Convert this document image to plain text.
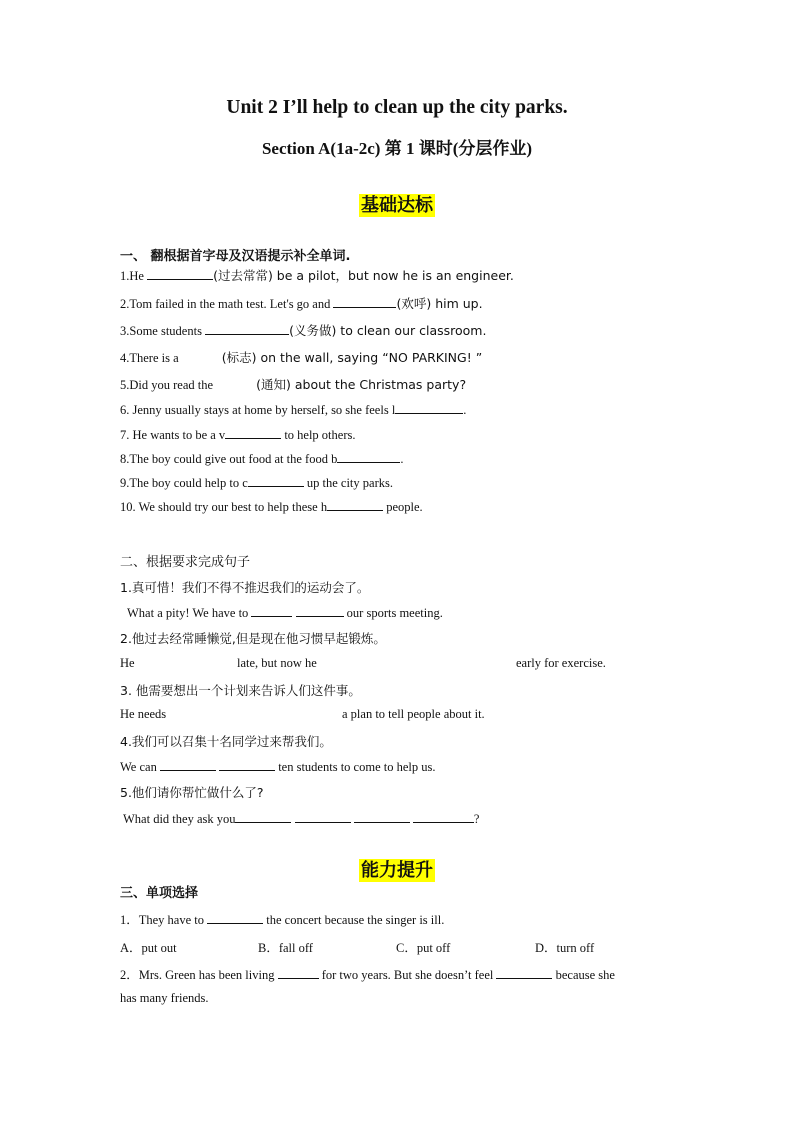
Unit 2 I’ll help to clean up the city parks.
Section A(1a-2c) 第 1 课时(分层作业)
基础达标
一、 翻根据首字母及汉语提示补全单词.
1.He	(过去常常) be a pilot，but now he is an engineer.
2.Tom failed in the math test. Let's go and	(欢呼) him up.
3.Some students	(义务做) to clean our classroom.
4.There is a	(标志) on the wall, saying “NO PARKING! ”
5.Did you read the	(通知) about the Christmas party?
6. Jenny usually stays at home by herself, so she feels l	.
7. He wants to be a v	to help others.
8.The boy could give out food at the food b	.
9.The boy could help to c	up the city parks.
10. We should try our best to help these h	people.
二、根据要求完成句子
1.真可惜！我们不得不推迟我们的运动会了。
What a pity! We have to	our sports meeting.
2.他过去经常睡懒觉,但是现在他习惯早起锻炼。
He	late, but now he	early for exercise.
3. 他需要想出一个计划来告诉人们这件事。
He needs	a plan to tell people about it.
4.我们可以召集十名同学过来帮我们。
We can	ten students to come to help us.
5.他们请你帮忙做什么了?
What did they ask you	?
能力提升
三、单项选择
1．They have to	the concert because the singer is ill.
A．put out	B．fall off	C．put off	D．turn off
2．Mrs. Green has been living	for two years. But she doesn’t feel	because she
has many friends.
